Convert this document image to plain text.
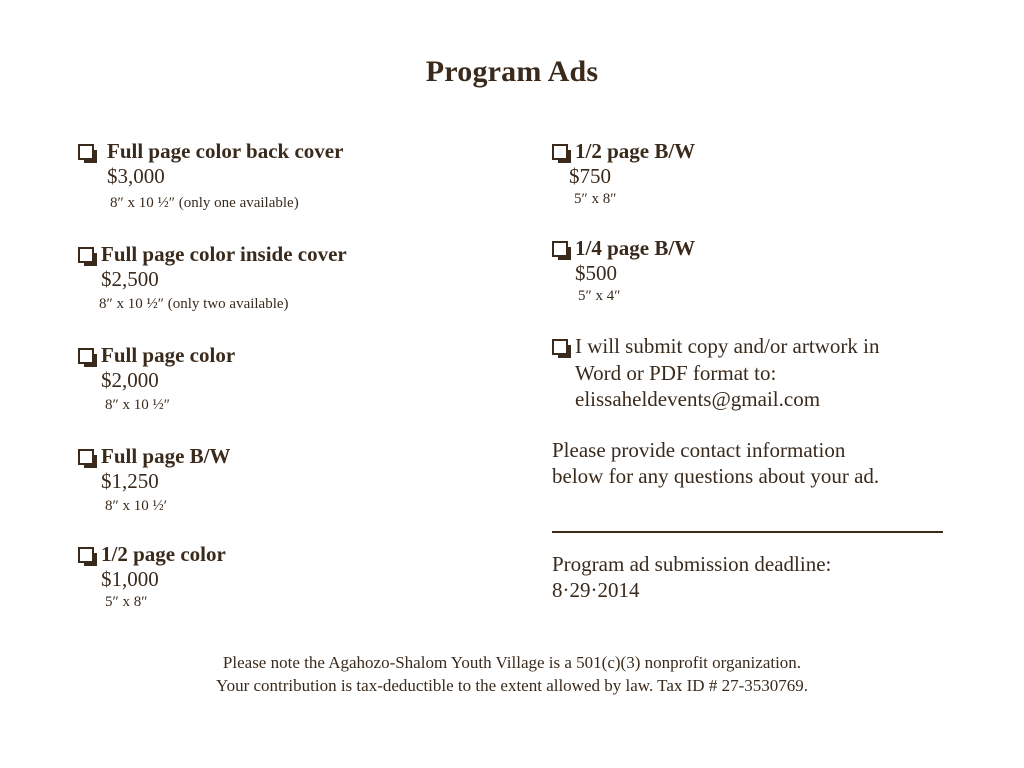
Program Ads
Full page color back cover
$3,000
8″ x 10 ½″ (only one available)
Full page color inside cover
$2,500
8″ x 10 ½″ (only two available)
Full page color
$2,000
8″ x 10 ½″
Full page B/W
$1,250
8″ x 10 ½′
1/2 page color
$1,000
5″ x 8″
1/2 page B/W
$750
5″ x 8″
1/4 page B/W
$500
5″ x 4″
I will submit copy and/or artwork in
Word or PDF format to:
elissaheldevents@gmail.com
Please provide contact information
below for any questions about your ad.
Program ad submission deadline:
8·29·2014
Please note the Agahozo-Shalom Youth Village is a 501(c)(3) nonprofit organization.
Your contribution is tax-deductible to the extent allowed by law. Tax ID # 27-3530769.
